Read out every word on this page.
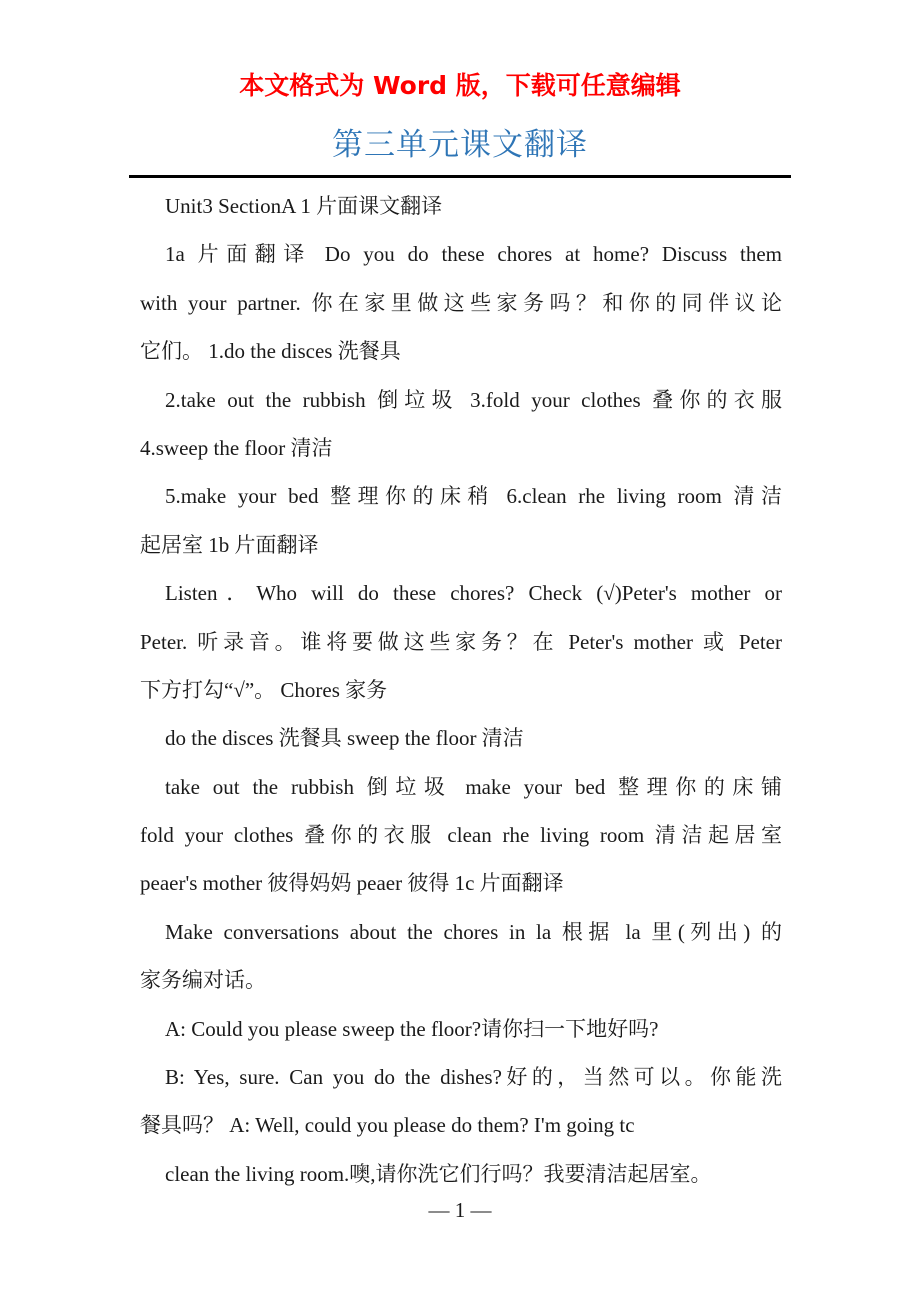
本文格式为 Word 版，下载可任意编辑
第三单元课文翻译
Unit3 SectionA 1 片面课文翻译
1a 片面翻译 Do you do these chores at home? Discuss them
with your partner. 你在家里做这些家务吗？和你的同伴议论
它们。 1.do the disces 洗餐具
2.take out the rubbish 倒垃圾 3.fold your clothes 叠你的衣服
4.sweep the floor 清洁
5.make your bed 整理你的床稍 6.clean rhe living room 清洁
起居室 1b 片面翻译
Listen．Who will do these chores? Check (√)Peter's mother or
Peter. 听录音。谁将要做这些家务？在 Peter's mother 或 Peter
下方打勾“√”。 Chores 家务
do the disces 洗餐具 sweep the floor 清洁
take out the rubbish 倒垃圾 make your bed 整理你的床铺
fold your clothes 叠你的衣服 clean rhe living room 清洁起居室
peaer's mother 彼得妈妈 peaer 彼得 1c 片面翻译
Make conversations about the chores in la 根据 la 里(列出) 的
家务编对话。
A: Could you please sweep the floor?请你扫一下地好吗?
B: Yes, sure. Can you do the dishes?好的，当然可以。你能洗
餐具吗？ A: Well, could you please do them? I'm going tc
clean the living room.噢,请你洗它们行吗？我要清洁起居室。
— 1 —
